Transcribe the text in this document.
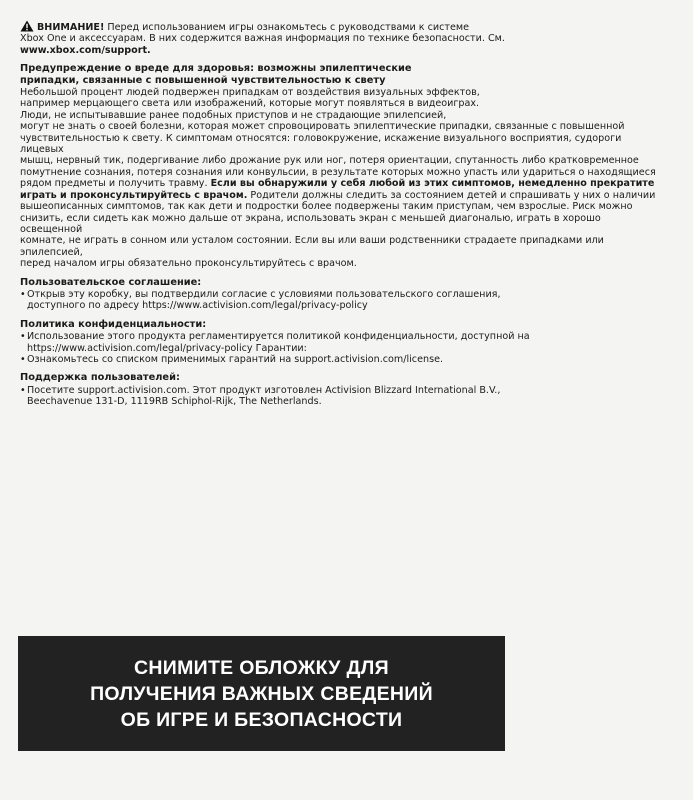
ВНИМАНИЕ! Перед использованием игры ознакомьтесь с руководствами к системе
Xbox One и аксессуарам. В них содержится важная информация по технике безопасности. См.
www.xbox.com/support.
Предупреждение о вреде для здоровья: возможны эпилептические
припадки, связанные с повышенной чувствительностью к свету
Небольшой процент людей подвержен припадкам от воздействия визуальных эффектов,
например мерцающего света или изображений, которые могут появляться в видеоиграх.
Люди, не испытывавшие ранее подобных приступов и не страдающие эпилепсией,
могут не знать о своей болезни, которая может спровоцировать эпилептические припадки, связанные с повышенной
чувствительностью к свету. К симптомам относятся: головокружение, искажение визуального восприятия, судороги лицевых
мышц, нервный тик, подергивание либо дрожание рук или ног, потеря ориентации, спутанность либо кратковременное
помутнение сознания, потеря сознания или конвульсии, в результате которых можно упасть или удариться о находящиеся
рядом предметы и получить травму. Если вы обнаружили у себя любой из этих симптомов, немедленно прекратите
играть и проконсультируйтесь с врачом. Родители должны следить за состоянием детей и спрашивать у них о наличии
вышеописанных симптомов, так как дети и подростки более подвержены таким приступам, чем взрослые. Риск можно
снизить, если сидеть как можно дальше от экрана, использовать экран с меньшей диагональю, играть в хорошо освещенной
комнате, не играть в сонном или усталом состоянии. Если вы или ваши родственники страдаете припадками или эпилепсией,
перед началом игры обязательно проконсультируйтесь с врачом.
Пользовательское соглашение:
• Открыв эту коробку, вы подтвердили согласие с условиями пользовательского соглашения,
доступного по адресу https://www.activision.com/legal/privacy-policy
Политика конфиденциальности:
• Использование этого продукта регламентируется политикой конфиденциальности, доступной на
https://www.activision.com/legal/privacy-policy Гарантии:
• Ознакомьтесь со списком применимых гарантий на support.activision.com/license.
Поддержка пользователей:
• Посетите support.activision.com. Этот продукт изготовлен Activision Blizzard International B.V.,
Beechavenue 131-D, 1119RB Schiphol-Rijk, The Netherlands.
СНИМИТЕ ОБЛОЖКУ ДЛЯ
ПОЛУЧЕНИЯ ВАЖНЫХ СВЕДЕНИЙ
ОБ ИГРЕ И БЕЗОПАСНОСТИ
